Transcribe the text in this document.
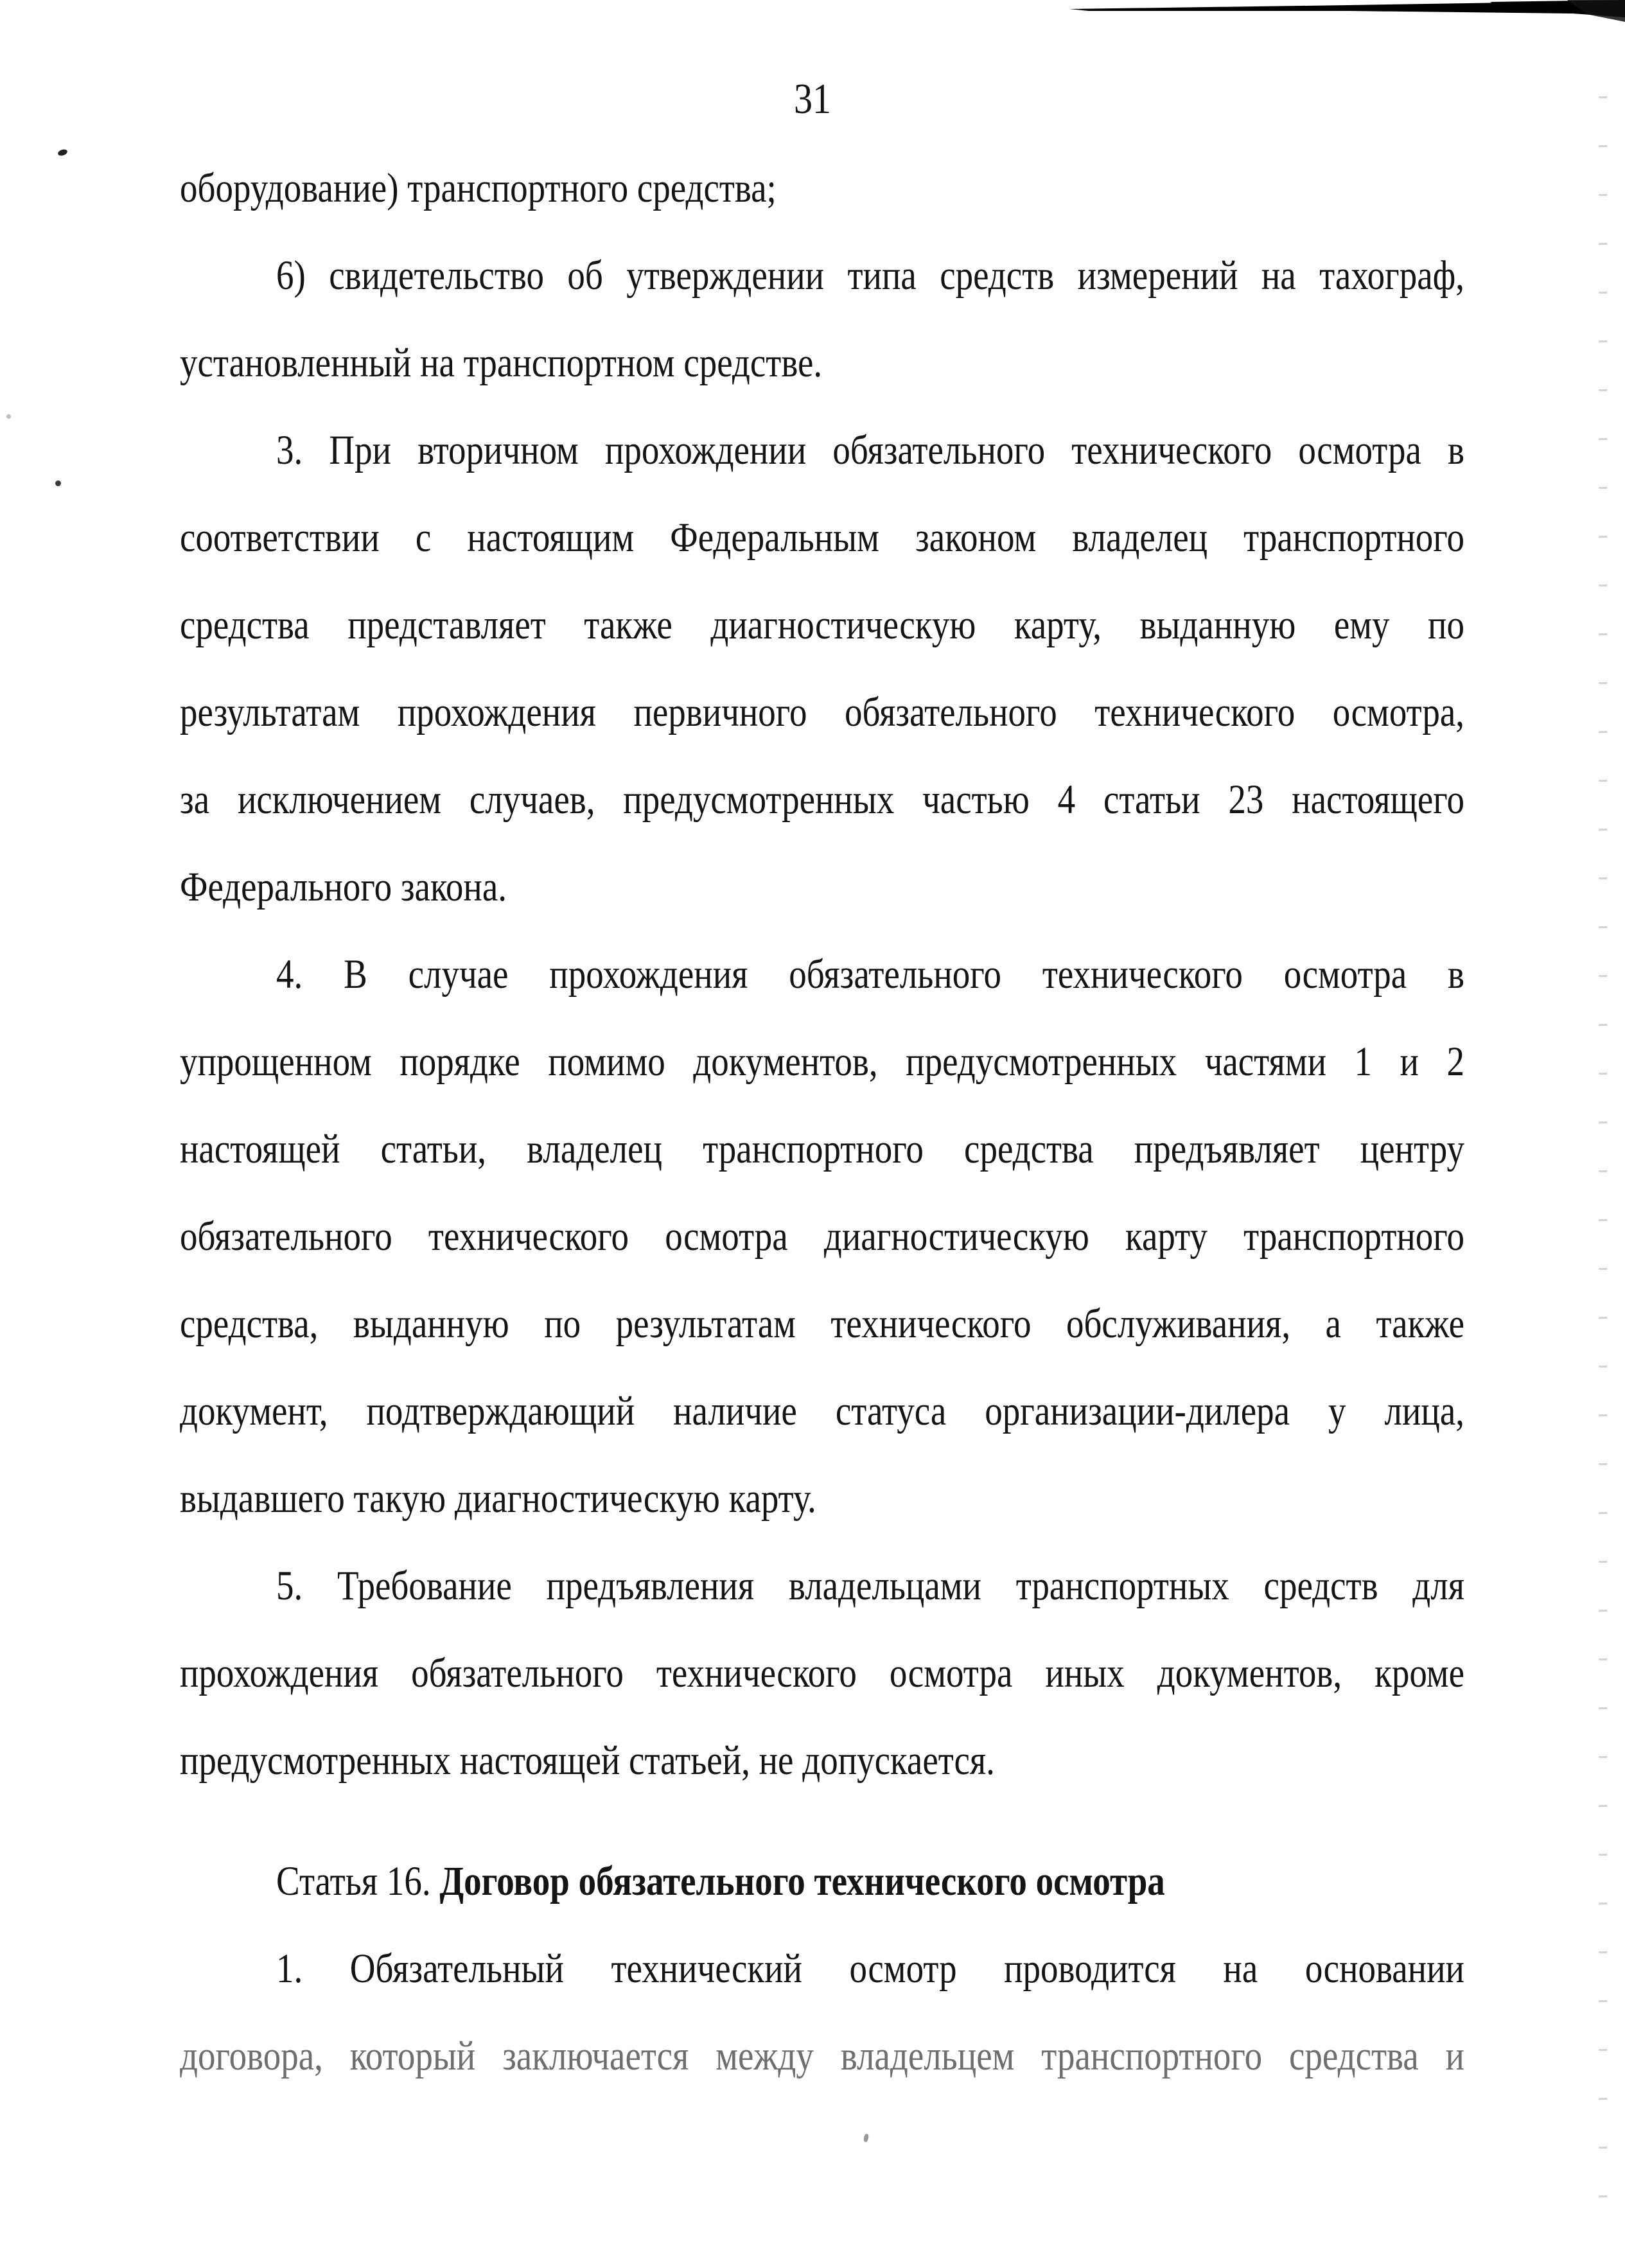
31
оборудование) транспортного средства;
6) свидетельство об утверждении типа средств измерений на тахограф,
установленный на транспортном средстве.
3. При вторичном прохождении обязательного технического осмотра в
соответствии с настоящим Федеральным законом владелец транспортного
средства представляет также диагностическую карту, выданную ему по
результатам прохождения первичного обязательного технического осмотра,
за исключением случаев, предусмотренных частью 4 статьи 23 настоящего
Федерального закона.
4. В случае прохождения обязательного технического осмотра в
упрощенном порядке помимо документов, предусмотренных частями 1 и 2
настоящей статьи, владелец транспортного средства предъявляет центру
обязательного технического осмотра диагностическую карту транспортного
средства, выданную по результатам технического обслуживания, а также
документ, подтверждающий наличие статуса организации-дилера у лица,
выдавшего такую диагностическую карту.
5. Требование предъявления владельцами транспортных средств для
прохождения обязательного технического осмотра иных документов, кроме
предусмотренных настоящей статьей, не допускается.
Статья 16. Договор обязательного технического осмотра
1. Обязательный технический осмотр проводится на основании
договора, который заключается между владельцем транспортного средства и
